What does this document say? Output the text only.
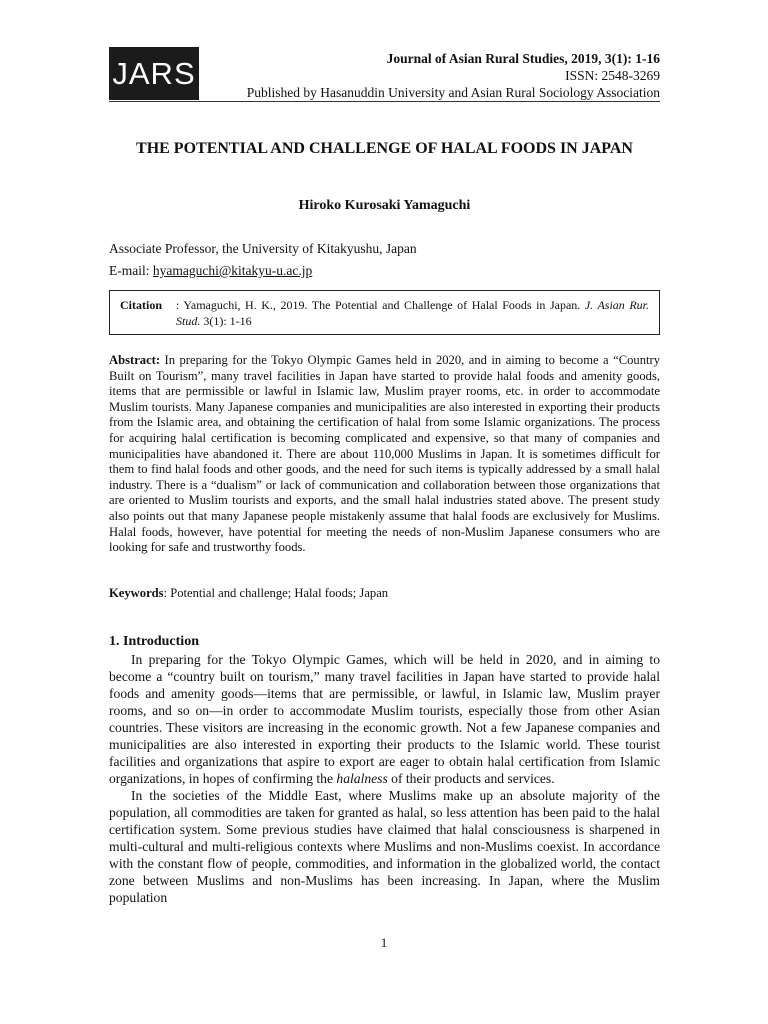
JARS	Journal of Asian Rural Studies, 2019, 3(1): 1-16
ISSN: 2548-3269
Published by Hasanuddin University and Asian Rural Sociology Association
THE POTENTIAL AND CHALLENGE OF HALAL FOODS IN JAPAN
Hiroko Kurosaki Yamaguchi
Associate Professor, the University of Kitakyushu, Japan
E-mail: hyamaguchi@kitakyu-u.ac.jp
Citation	: Yamaguchi, H. K., 2019. The Potential and Challenge of Halal Foods in Japan. J. Asian Rur. Stud. 3(1): 1-16
Abstract: In preparing for the Tokyo Olympic Games held in 2020, and in aiming to become a “Country Built on Tourism”, many travel facilities in Japan have started to provide halal foods and amenity goods, items that are permissible or lawful in Islamic law, Muslim prayer rooms, etc. in order to accommodate Muslim tourists. Many Japanese companies and municipalities are also interested in exporting their products from the Islamic area, and obtaining the certification of halal from some Islamic organizations. The process for acquiring halal certification is becoming complicated and expensive, so that many of companies and municipalities have abandoned it. There are about 110,000 Muslims in Japan. It is sometimes difficult for them to find halal foods and other goods, and the need for such items is typically addressed by a small halal industry. There is a “dualism” or lack of communication and collaboration between those organizations that are oriented to Muslim tourists and exports, and the small halal industries stated above. The present study also points out that many Japanese people mistakenly assume that halal foods are exclusively for Muslims. Halal foods, however, have potential for meeting the needs of non-Muslim Japanese consumers who are looking for safe and trustworthy foods.
Keywords: Potential and challenge; Halal foods; Japan
1. Introduction

In preparing for the Tokyo Olympic Games, which will be held in 2020, and in aiming to become a “country built on tourism,” many travel facilities in Japan have started to provide halal foods and amenity goods—items that are permissible, or lawful, in Islamic law, Muslim prayer rooms, and so on—in order to accommodate Muslim tourists, especially those from other Asian countries. These visitors are increasing in the economic growth. Not a few Japanese companies and municipalities are also interested in exporting their products to the Islamic world. These tourist facilities and organizations that aspire to export are eager to obtain halal certification from Islamic organizations, in hopes of confirming the halalness of their products and services.

In the societies of the Middle East, where Muslims make up an absolute majority of the population, all commodities are taken for granted as halal, so less attention has been paid to the halal certification system. Some previous studies have claimed that halal consciousness is sharpened in multi-cultural and multi-religious contexts where Muslims and non-Muslims coexist. In accordance with the constant flow of people, commodities, and information in the globalized world, the contact zone between Muslims and non-Muslims has been increasing. In Japan, where the Muslim population

1
